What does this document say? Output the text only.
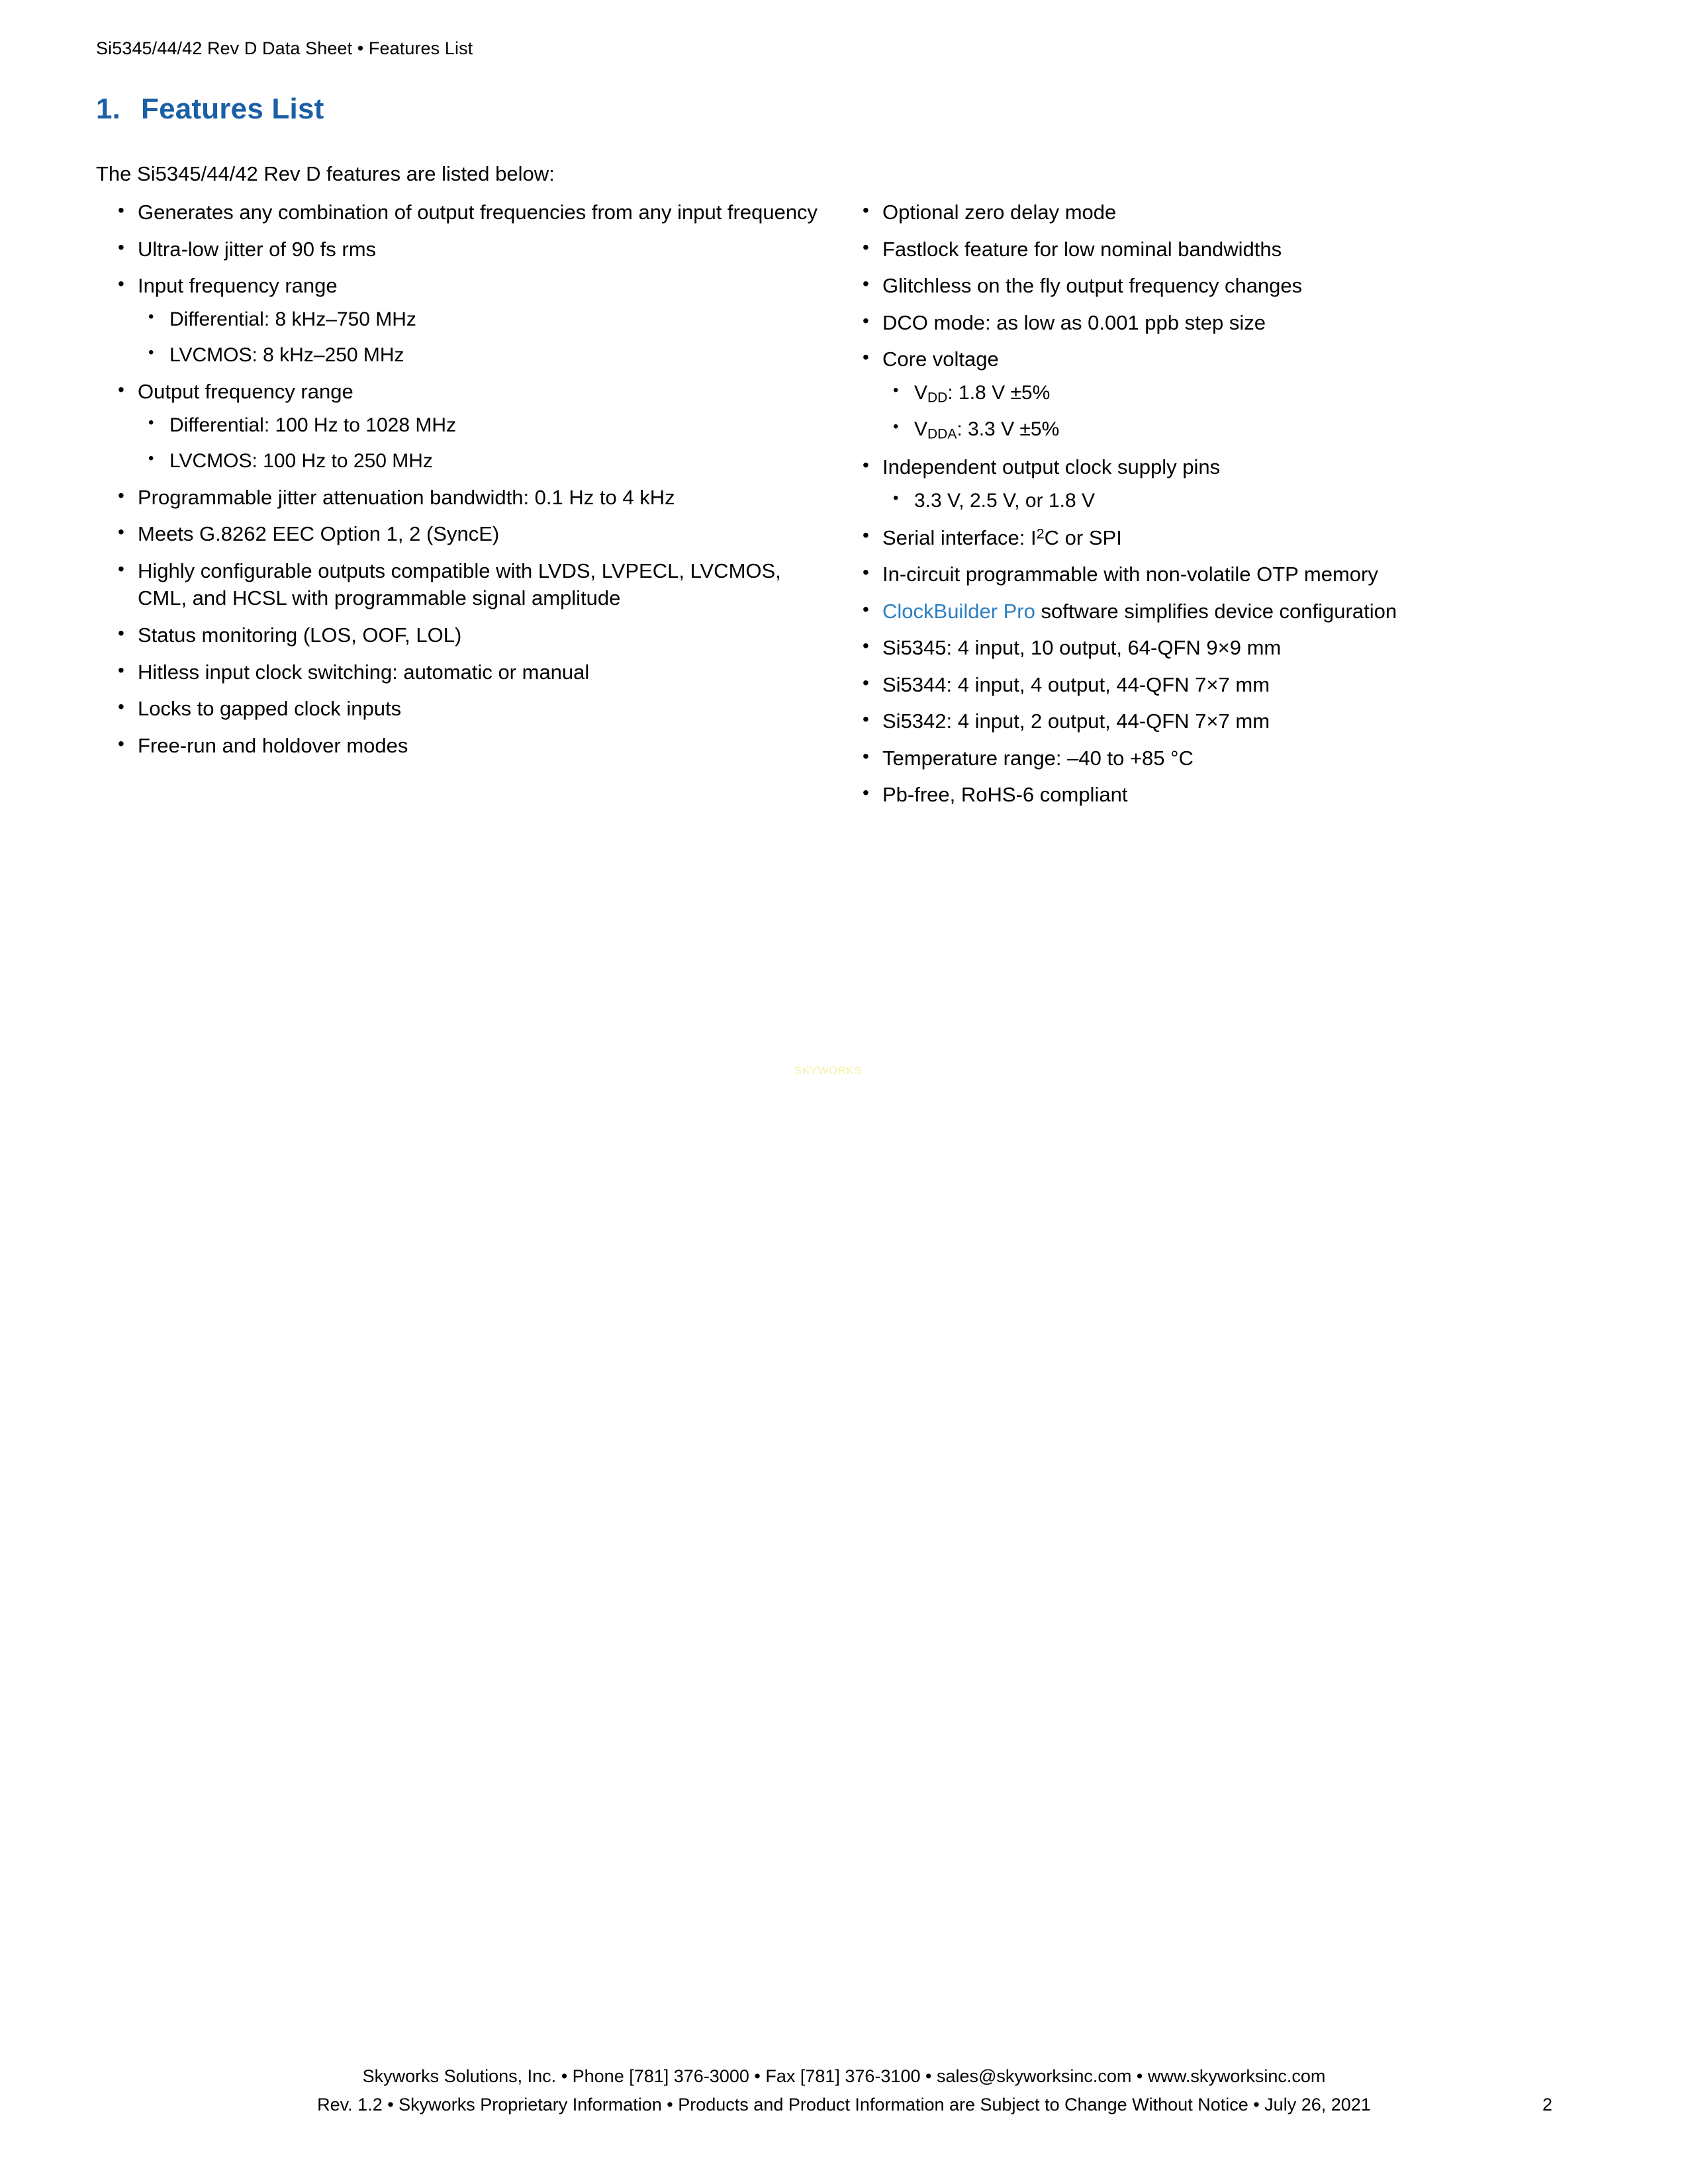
Si5345/44/42 Rev D Data Sheet • Features List
1. Features List
The Si5345/44/42 Rev D features are listed below:
• Generates any combination of output frequencies from any input frequency
• Ultra-low jitter of 90 fs rms
• Input frequency range
• Differential: 8 kHz–750 MHz
• LVCMOS: 8 kHz–250 MHz
• Output frequency range
• Differential: 100 Hz to 1028 MHz
• LVCMOS: 100 Hz to 250 MHz
• Programmable jitter attenuation bandwidth: 0.1 Hz to 4 kHz
• Meets G.8262 EEC Option 1, 2 (SyncE)
• Highly configurable outputs compatible with LVDS, LVPECL, LVCMOS, CML, and HCSL with programmable signal amplitude
• Status monitoring (LOS, OOF, LOL)
• Hitless input clock switching: automatic or manual
• Locks to gapped clock inputs
• Free-run and holdover modes
• Optional zero delay mode
• Fastlock feature for low nominal bandwidths
• Glitchless on the fly output frequency changes
• DCO mode: as low as 0.001 ppb step size
• Core voltage
• $V_{DD}$: 1.8 V ±5%
• $V_{DDA}$: 3.3 V ±5%
• Independent output clock supply pins
• 3.3 V, 2.5 V, or 1.8 V
• Serial interface: $I^2C$ or SPI
• In-circuit programmable with non-volatile OTP memory
• ClockBuilder Pro software simplifies device configuration
• Si5345: 4 input, 10 output, 64-QFN 9×9 mm
• Si5344: 4 input, 4 output, 44-QFN 7×7 mm
• Si5342: 4 input, 2 output, 44-QFN 7×7 mm
• Temperature range: –40 to +85 °C
• Pb-free, RoHS-6 compliant
SKYWORKS
Skyworks Solutions, Inc. • Phone [781] 376-3000 • Fax [781] 376-3100 • sales@skyworksinc.com • www.skyworksinc.com
Rev. 1.2 • Skyworks Proprietary Information • Products and Product Information are Subject to Change Without Notice • July 26, 2021	2
